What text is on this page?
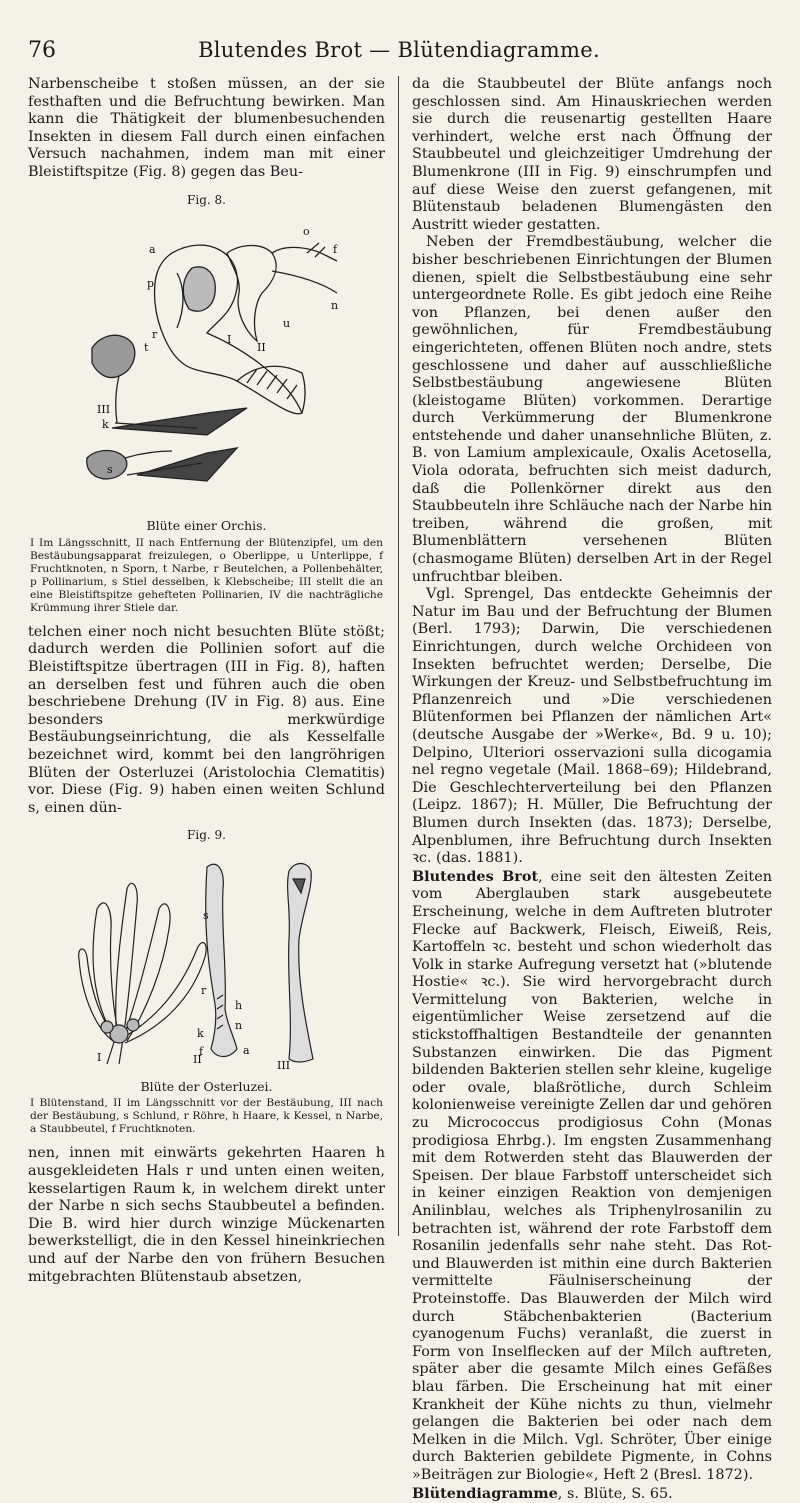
76	Blutendes Brot — Blütendiagramme.

Narbenscheibe t stoßen müssen, an der sie festhaften und die Befruchtung bewirken. Man kann die Thätigkeit der blumenbesuchenden Insekten in diesem Fall durch einen einfachen Versuch nachahmen, indem man mit einer Bleistiftspitze (Fig. 8) gegen das Beu-

Fig. 8.
a
p
r
t
o
f
u
n
I
II
III
s
k
Blüte einer Orchis.
I Im Längsschnitt, II nach Entfernung der Blütenzipfel, um den Bestäubungsapparat freizulegen, o Oberlippe, u Unterlippe, f Fruchtknoten, n Sporn, t Narbe, r Beutelchen, a Pollenbehälter, p Pollinarium, s Stiel desselben, k Klebscheibe; III stellt die an eine Bleistiftspitze gehefteten Pollinarien, IV die nachträgliche Krümmung ihrer Stiele dar.

telchen einer noch nicht besuchten Blüte stößt; dadurch werden die Pollinien sofort auf die Bleistiftspitze übertragen (III in Fig. 8), haften an derselben fest und führen auch die oben beschriebene Drehung (IV in Fig. 8) aus. Eine besonders merkwürdige Bestäubungseinrichtung, die als Kesselfalle bezeichnet wird, kommt bei den langröhrigen Blüten der Osterluzei (Aristolochia Clematitis) vor. Diese (Fig. 9) haben einen weiten Schlund s, einen dün-

Fig. 9.
I	II	III
s
r
h
k
n
a
f
Blüte der Osterluzei.
I Blütenstand, II im Längsschnitt vor der Bestäubung, III nach der Bestäubung, s Schlund, r Röhre, h Haare, k Kessel, n Narbe, a Staubbeutel, f Fruchtknoten.

nen, innen mit einwärts gekehrten Haaren h ausgekleideten Hals r und unten einen weiten, kesselartigen Raum k, in welchem direkt unter der Narbe n sich sechs Staubbeutel a befinden. Die B. wird hier durch winzige Mückenarten bewerkstelligt, die in den Kessel hineinkriechen und auf der Narbe den von frühern Besuchen mitgebrachten Blütenstaub absetzen,

da die Staubbeutel der Blüte anfangs noch geschlossen sind. Am Hinauskriechen werden sie durch die reusenartig gestellten Haare verhindert, welche erst nach Öffnung der Staubbeutel und gleichzeitiger Umdrehung der Blumenkrone (III in Fig. 9) einschrumpfen und auf diese Weise den zuerst gefangenen, mit Blütenstaub beladenen Blumengästen den Austritt wieder gestatten.

Neben der Fremdbestäubung, welcher die bisher beschriebenen Einrichtungen der Blumen dienen, spielt die Selbstbestäubung eine sehr untergeordnete Rolle. Es gibt jedoch eine Reihe von Pflanzen, bei denen außer den gewöhnlichen, für Fremdbestäubung eingerichteten, offenen Blüten noch andre, stets geschlossene und daher auf ausschließliche Selbstbestäubung angewiesene Blüten (kleistogame Blüten) vorkommen. Derartige durch Verkümmerung der Blumenkrone entstehende und daher unansehnliche Blüten, z. B. von Lamium amplexicaule, Oxalis Acetosella, Viola odorata, befruchten sich meist dadurch, daß die Pollenkörner direkt aus den Staubbeuteln ihre Schläuche nach der Narbe hin treiben, während die großen, mit Blumenblättern versehenen Blüten (chasmogame Blüten) derselben Art in der Regel unfruchtbar bleiben.

Vgl. Sprengel, Das entdeckte Geheimnis der Natur im Bau und der Befruchtung der Blumen (Berl. 1793); Darwin, Die verschiedenen Einrichtungen, durch welche Orchideen von Insekten befruchtet werden; Derselbe, Die Wirkungen der Kreuz- und Selbstbefruchtung im Pflanzenreich und »Die verschiedenen Blütenformen bei Pflanzen der nämlichen Art« (deutsche Ausgabe der »Werke«, Bd. 9 u. 10); Delpino, Ulteriori osservazioni sulla dicogamia nel regno vegetale (Mail. 1868–69); Hildebrand, Die Geschlechterverteilung bei den Pflanzen (Leipz. 1867); H. Müller, Die Befruchtung der Blumen durch Insekten (das. 1873); Derselbe, Alpenblumen, ihre Befruchtung durch Insekten ꝛc. (das. 1881).

Blutendes Brot, eine seit den ältesten Zeiten vom Aberglauben stark ausgebeutete Erscheinung, welche in dem Auftreten blutroter Flecke auf Backwerk, Fleisch, Eiweiß, Reis, Kartoffeln ꝛc. besteht und schon wiederholt das Volk in starke Aufregung versetzt hat (»blutende Hostie« ꝛc.). Sie wird hervorgebracht durch Vermittelung von Bakterien, welche in eigentümlicher Weise zersetzend auf die stickstoffhaltigen Bestandteile der genannten Substanzen einwirken. Die das Pigment bildenden Bakterien stellen sehr kleine, kugelige oder ovale, blaßrötliche, durch Schleim kolonienweise vereinigte Zellen dar und gehören zu Micrococcus prodigiosus Cohn (Monas prodigiosa Ehrbg.). Im engsten Zusammenhang mit dem Rotwerden steht das Blauwerden der Speisen. Der blaue Farbstoff unterscheidet sich in keiner einzigen Reaktion von demjenigen Anilinblau, welches als Triphenylrosanilin zu betrachten ist, während der rote Farbstoff dem Rosanilin jedenfalls sehr nahe steht. Das Rot- und Blauwerden ist mithin eine durch Bakterien vermittelte Fäulniserscheinung der Proteinstoffe. Das Blauwerden der Milch wird durch Stäbchenbakterien (Bacterium cyanogenum Fuchs) veranlaßt, die zuerst in Form von Inselflecken auf der Milch auftreten, später aber die gesamte Milch eines Gefäßes blau färben. Die Erscheinung hat mit einer Krankheit der Kühe nichts zu thun, vielmehr gelangen die Bakterien bei oder nach dem Melken in die Milch. Vgl. Schröter, Über einige durch Bakterien gebildete Pigmente, in Cohns »Beiträgen zur Biologie«, Heft 2 (Bresl. 1872).

Blütendiagramme, s. Blüte, S. 65.
